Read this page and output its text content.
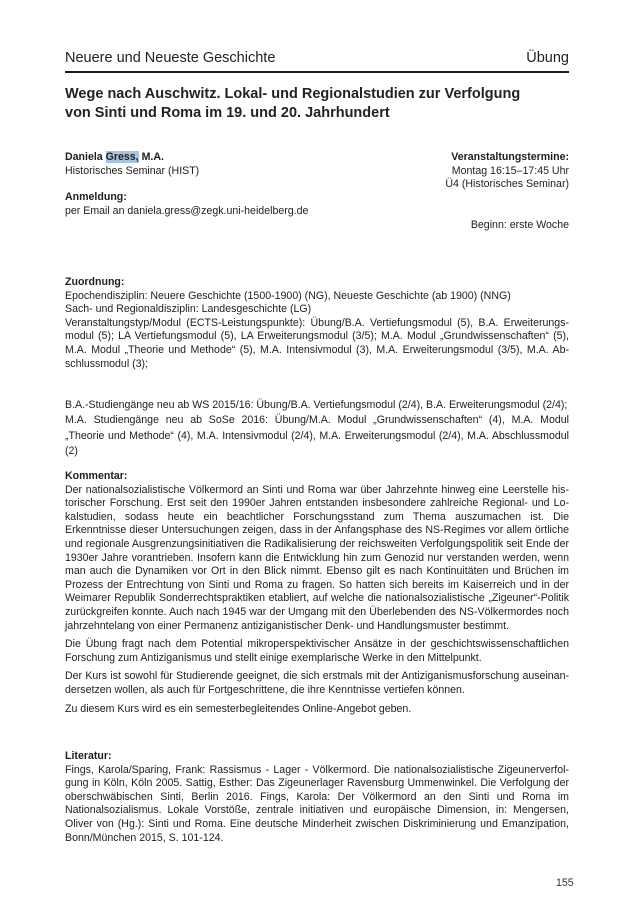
Neuere und Neueste Geschichte	Übung
Wege nach Auschwitz. Lokal- und Regionalstudien zur Verfolgung
von Sinti und Roma im 19. und 20. Jahrhundert
Daniela Gress, M.A.
Historisches Seminar (HIST)
Anmeldung:
per Email an daniela.gress@zegk.uni-heidelberg.de
Veranstaltungstermine:
Montag 16:15–17:45 Uhr
Ü4 (Historisches Seminar)
Beginn: erste Woche
Zuordnung:
Epochendisziplin: Neuere Geschichte (1500-1900) (NG), Neueste Geschichte (ab 1900) (NNG)
Sach- und Regionaldisziplin: Landesgeschichte (LG)
Veranstaltungstyp/Modul (ECTS-Leistungspunkte): Übung/B.A. Vertiefungsmodul (5), B.A. Erweiterungsmodul (5); LA Vertiefungsmodul (5), LA Erweiterungsmodul (3/5); M.A. Modul „Grundwissenschaften“ (5), M.A. Modul „Theorie und Methode“ (5), M.A. Intensivmodul (3), M.A. Erweiterungsmodul (3/5), M.A. Abschlussmodul (3);
B.A.-Studiengänge neu ab WS 2015/16: Übung/B.A. Vertiefungsmodul (2/4), B.A. Erweiterungsmodul (2/4);
M.A. Studiengänge neu ab SoSe 2016: Übung/M.A. Modul „Grundwissenschaften“ (4), M.A. Modul „Theorie und Methode“ (4), M.A. Intensivmodul (2/4), M.A. Erweiterungsmodul (2/4), M.A. Abschlussmodul (2)
Kommentar:
Der nationalsozialistische Völkermord an Sinti und Roma war über Jahrzehnte hinweg eine Leerstelle historischer Forschung. Erst seit den 1990er Jahren entstanden insbesondere zahlreiche Regional- und Lokalstudien, sodass heute ein beachtlicher Forschungsstand zum Thema auszumachen ist. Die Erkenntnisse dieser Untersuchungen zeigen, dass in der Anfangsphase des NS-Regimes vor allem örtliche und regionale Ausgrenzungsinitiativen die Radikalisierung der reichsweiten Verfolgungspolitik seit Ende der 1930er Jahre vorantrieben. Insofern kann die Entwicklung hin zum Genozid nur verstanden werden, wenn man auch die Dynamiken vor Ort in den Blick nimmt. Ebenso gilt es nach Kontinuitäten und Brüchen im Prozess der Entrechtung von Sinti und Roma zu fragen. So hatten sich bereits im Kaiserreich und in der Weimarer Republik Sonderrechtspraktiken etabliert, auf welche die nationalsozialistische „Zigeuner“-Politik zurückgreifen konnte. Auch nach 1945 war der Umgang mit den Überlebenden des NS-Völkermordes noch jahrzehntelang von einer Permanenz antiziganistischer Denk- und Handlungsmuster bestimmt.
Die Übung fragt nach dem Potential mikroperspektivischer Ansätze in der geschichtswissenschaftlichen Forschung zum Antiziganismus und stellt einige exemplarische Werke in den Mittelpunkt.
Der Kurs ist sowohl für Studierende geeignet, die sich erstmals mit der Antiziganismusforschung auseinandersetzen wollen, als auch für Fortgeschrittene, die ihre Kenntnisse vertiefen können.
Zu diesem Kurs wird es ein semesterbegleitendes Online-Angebot geben.
Literatur:
Fings, Karola/Sparing, Frank: Rassismus - Lager - Völkermord. Die nationalsozialistische Zigeunerverfolgung in Köln, Köln 2005. Sattig, Esther: Das Zigeunerlager Ravensburg Ummenwinkel. Die Verfolgung der oberschwäbischen Sinti, Berlin 2016. Fings, Karola: Der Völkermord an den Sinti und Roma im Nationalsozialismus. Lokale Vorstöße, zentrale initiativen und europäische Dimension, in: Mengersen, Oliver von (Hg.): Sinti und Roma. Eine deutsche Minderheit zwischen Diskriminierung und Emanzipation, Bonn/München 2015, S. 101-124.
155
